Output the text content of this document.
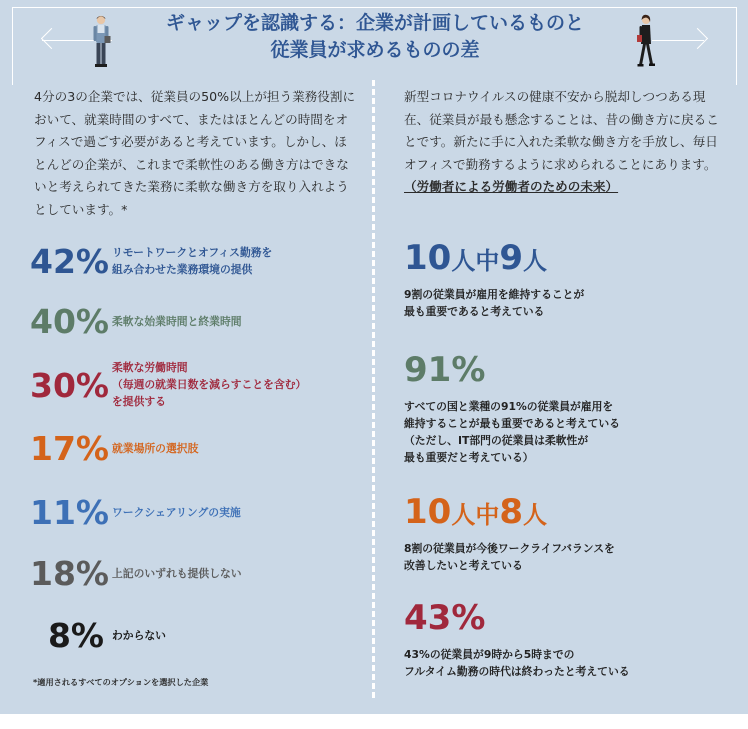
ギャップを認識する：企業が計画しているものと
従業員が求めるものの差
4分の3の企業では、従業員の50%以上が担う業務役割において、就業時間のすべて、またはほとんどの時間をオフィスで過ごす必要があると考えています。しかし、ほとんどの企業が、これまで柔軟性のある働き方はできないと考えられてきた業務に柔軟な働き方を取り入れようとしています。*
新型コロナウイルスの健康不安から脱却しつつある現在、従業員が最も懸念することは、昔の働き方に戻ることです。新たに手に入れた柔軟な働き方を手放し、毎日オフィスで勤務するように求められることにあります。（労働者による労働者のための未来）
42% リモートワークとオフィス勤務を
組み合わせた業務環境の提供
40% 柔軟な始業時間と終業時間
30% 柔軟な労働時間
（毎週の就業日数を減らすことを含む）
を提供する
17% 就業場所の選択肢
11% ワークシェアリングの実施
18% 上記のいずれも提供しない
8% わからない
*適用されるすべてのオプションを選択した企業
10人中9人
9割の従業員が雇用を維持することが
最も重要であると考えている
91%
すべての国と業種の91%の従業員が雇用を
維持することが最も重要であると考えている
（ただし、IT部門の従業員は柔軟性が
最も重要だと考えている）
10人中8人
8割の従業員が今後ワークライフバランスを
改善したいと考えている
43%
43%の従業員が9時から5時までの
フルタイム勤務の時代は終わったと考えている
